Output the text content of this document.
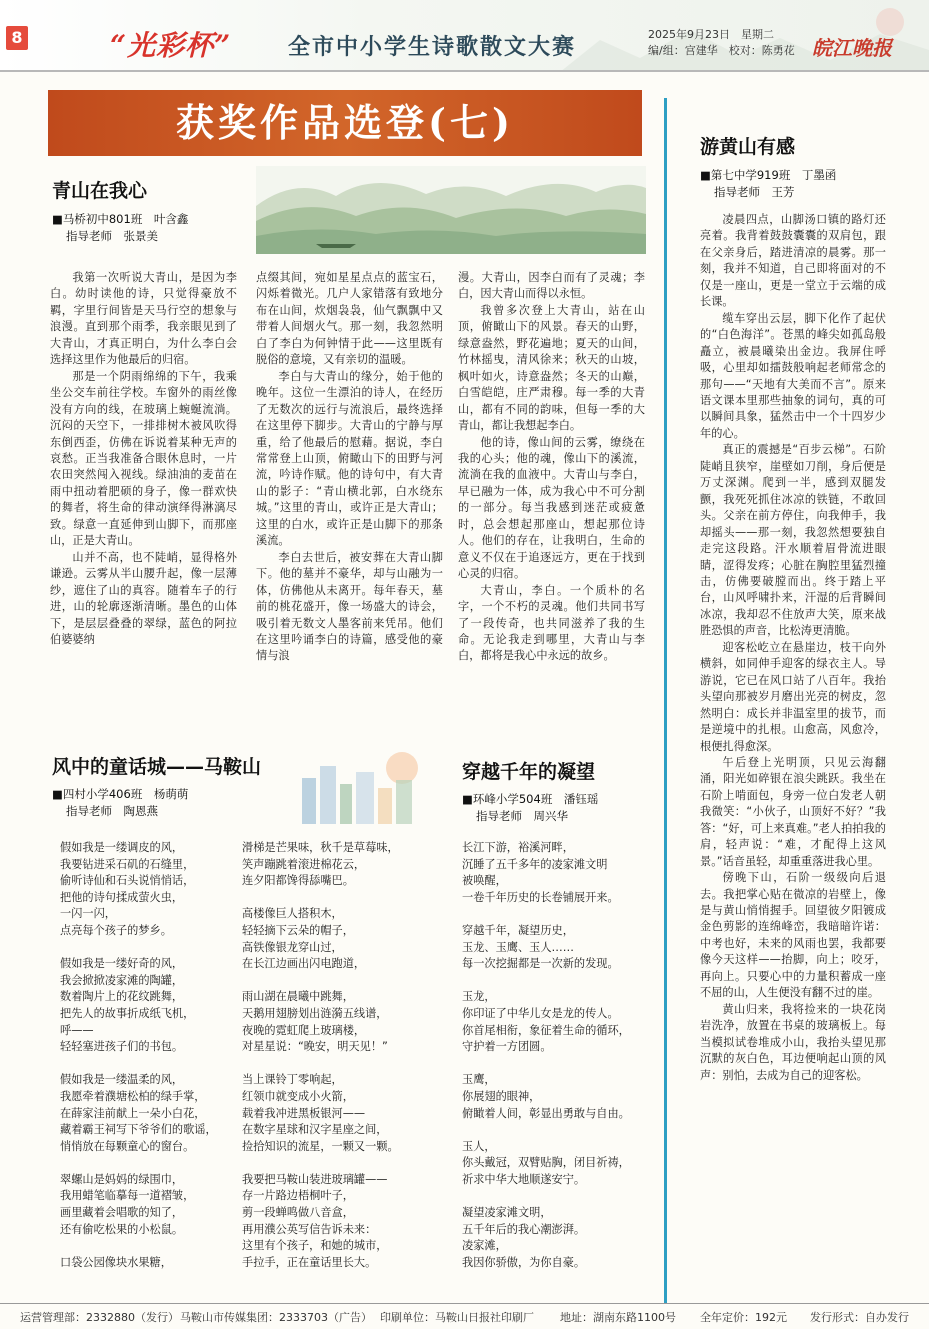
8	“光彩杯”	全市中小学生诗歌散文大赛	2025年9月23日　星期二
编/组：宫建华　校对：陈勇花 皖江晚报
获奖作品选登(七)
青山在我心
■马桥初中801班　叶含鑫
指导老师　张景美

我第一次听说大青山，是因为李白。幼时读他的诗，只觉得豪放不羁，字里行间皆是天马行空的想象与浪漫。直到那个雨季，我亲眼见到了大青山，才真正明白，为什么李白会选择这里作为他最后的归宿。

那是一个阴雨绵绵的下午，我乘坐公交车前往学校。车窗外的雨丝像没有方向的线，在玻璃上蜿蜒流淌。沉闷的天空下，一排排树木被风吹得东倒西歪，仿佛在诉说着某种无声的哀愁。正当我准备合眼休息时，一片农田突然闯入视线。绿油油的麦苗在雨中扭动着肥硕的身子，像一群欢快的舞者，将生命的律动演绎得淋漓尽致。绿意一直延伸到山脚下，而那座山，正是大青山。

山并不高，也不陡峭，显得格外谦逊。云雾从半山腰升起，像一层薄纱，遮住了山的真容。随着车子的行进，山的轮廓逐渐清晰。墨色的山体下，是层层叠叠的翠绿，蓝色的阿拉伯婆婆纳

点缀其间，宛如星星点点的蓝宝石，闪烁着微光。几户人家错落有致地分布在山间，炊烟袅袅，仙气飘飘中又带着人间烟火气。那一刻，我忽然明白了李白为何钟情于此——这里既有脱俗的意境，又有亲切的温暖。

李白与大青山的缘分，始于他的晚年。这位一生漂泊的诗人，在经历了无数次的远行与流浪后，最终选择在这里停下脚步。大青山的宁静与厚重，给了他最后的慰藉。据说，李白常常登上山顶，俯瞰山下的田野与河流，吟诗作赋。他的诗句中，有大青山的影子：“青山横北郭，白水绕东城。”这里的青山，或许正是大青山；这里的白水，或许正是山脚下的那条溪流。

李白去世后，被安葬在大青山脚下。他的墓并不豪华，却与山融为一体，仿佛他从未离开。每年春天，墓前的桃花盛开，像一场盛大的诗会，吸引着无数文人墨客前来凭吊。他们在这里吟诵李白的诗篇，感受他的豪情与浪

漫。大青山，因李白而有了灵魂；李白，因大青山而得以永恒。

我曾多次登上大青山，站在山顶，俯瞰山下的风景。春天的山野，绿意盎然，野花遍地；夏天的山间，竹林摇曳，清风徐来；秋天的山坡，枫叶如火，诗意盎然；冬天的山巅，白雪皑皑，庄严肃穆。每一季的大青山，都有不同的韵味，但每一季的大青山，都让我想起李白。

他的诗，像山间的云雾，缭绕在我的心头；他的魂，像山下的溪流，流淌在我的血液中。大青山与李白，早已融为一体，成为我心中不可分割的一部分。每当我感到迷茫或疲惫时，总会想起那座山，想起那位诗人。他们的存在，让我明白，生命的意义不仅在于追逐远方，更在于找到心灵的归宿。

大青山，李白。一个质朴的名字，一个不朽的灵魂。他们共同书写了一段传奇，也共同滋养了我的生命。无论我走到哪里，大青山与李白，都将是我心中永远的故乡。

游黄山有感
■第七中学919班　丁墨函
指导老师　王芳

凌晨四点，山脚汤口镇的路灯还亮着。我背着鼓鼓囊囊的双肩包，跟在父亲身后，踏进清凉的晨雾。那一刻，我并不知道，自己即将面对的不仅是一座山，更是一堂立于云端的成长课。

缆车穿出云层，脚下化作了起伏的“白色海洋”。苍黑的峰尖如孤岛般矗立，被晨曦染出金边。我屏住呼吸，心里却如擂鼓般响起老师常念的那句——“天地有大美而不言”。原来语文课本里那些抽象的词句，真的可以瞬间具象，猛然击中一个十四岁少年的心。

真正的震撼是“百步云梯”。石阶陡峭且狭窄，崖壁如刀削，身后便是万丈深渊。爬到一半，感到双腿发颤，我死死抓住冰凉的铁链，不敢回头。父亲在前方停住，向我伸手，我却摇头——那一刻，我忽然想要独自走完这段路。汗水顺着眉骨流进眼睛，涩得发疼；心脏在胸腔里猛烈撞击，仿佛要破膛而出。终于踏上平台，山风呼啸扑来，汗湿的后背瞬间冰凉，我却忍不住放声大笑，原来战胜恐惧的声音，比松涛更清脆。

迎客松屹立在悬崖边，枝干向外横斜，如同伸手迎客的绿衣主人。导游说，它已在风口站了八百年。我抬头望向那被岁月磨出光亮的树皮，忽然明白：成长并非温室里的拔节，而是逆境中的扎根。山愈高，风愈冷，根便扎得愈深。

午后登上光明顶，只见云海翻涌，阳光如碎银在浪尖跳跃。我坐在石阶上啃面包，身旁一位白发老人朝我微笑：“小伙子，山顶好不好？”我答：“好，可上来真难。”老人拍拍我的肩，轻声说：“难，才配得上这风景。”话音虽轻，却重重落进我心里。

傍晚下山，石阶一级级向后退去。我把掌心贴在微凉的岩壁上，像是与黄山悄悄握手。回望彼夕阳镀成金色剪影的连绵峰峦，我暗暗许诺：中考也好，未来的风雨也罢，我都要像今天这样——抬脚，向上；咬牙，再向上。只要心中的力量积蓄成一座不屈的山，人生便没有翻不过的崖。

黄山归来，我将捡来的一块花岗岩洗净，放置在书桌的玻璃板上。每当模拟试卷堆成小山，我抬头望见那沉默的灰白色，耳边便响起山顶的风声：别怕，去成为自己的迎客松。

风中的童话城——马鞍山
■四村小学406班　杨萌萌
指导老师　陶恩燕
假如我是一缕调皮的风，
我要钻进采石矶的石缝里，
偷听诗仙和石头说悄悄话，
把他的诗句揉成萤火虫，
一闪一闪，
点亮每个孩子的梦乡。
假如我是一缕好奇的风，
我会掀掀凌家滩的陶罐，
数着陶片上的花纹跳舞，
把先人的故事折成纸飞机，
呼——
轻轻塞进孩子们的书包。
假如我是一缕温柔的风，
我愿牵着濮塘松柏的绿手掌，
在薛家洼前献上一朵小白花，
藏着霸王祠写下爷爷们的歌谣，
悄悄放在每颗童心的窗台。
翠螺山是妈妈的绿围巾，
我用蜡笔临摹每一道褶皱，
画里藏着会唱歌的知了，
还有偷吃松果的小松鼠。
口袋公园像块水果糖，
滑梯是芒果味，秋千是草莓味，
笑声蹦跳着滚进棉花云，
连夕阳都馋得舔嘴巴。
高楼像巨人搭积木，
轻轻摘下云朵的帽子，
高铁像银龙穿山过，
在长江边画出闪电跑道，
雨山湖在晨曦中跳舞，
天鹅用翅膀划出涟漪五线谱，
夜晚的霓虹爬上玻璃楼，
对星星说：“晚安，明天见！”
当上课铃丁零响起，
红领巾就变成小火箭，
载着我冲进黑板银河——
在数字星球和汉字星座之间，
捡拾知识的流星，一颗又一颗。
我要把马鞍山装进玻璃罐——
存一片路边梧桐叶子，
剪一段蝉鸣做八音盒，
再用濮公英写信告诉未来：
这里有个孩子，和她的城市，
手拉手，正在童话里长大。
穿越千年的凝望
■环峰小学504班　潘钰瑶
指导老师　周兴华
长江下游，裕溪河畔，
沉睡了五千多年的凌家滩文明
被唤醒，
一卷千年历史的长卷铺展开来。
穿越千年，凝望历史，
玉龙、玉鹰、玉人……
每一次挖掘都是一次新的发现。
玉龙，
你印证了中华儿女是龙的传人。
你首尾相衔，象征着生命的循环，
守护着一方团圆。
玉鹰，
你展翅的眼神，
俯瞰着人间，彰显出勇敢与自由。
玉人，
你头戴冠，双臂贴胸，闭目祈祷，
祈求中华大地顺遂安宁。
凝望凌家滩文明，
五千年后的我心潮澎湃。
凌家滩，
我因你骄傲，为你自豪。
运营管理部：2332880（发行） 马鞍山市传媒集团：2333703（广告） 印刷单位：马鞍山日报社印刷厂 地址：湖南东路1100号 全年定价：192元 发行形式：自办发行
